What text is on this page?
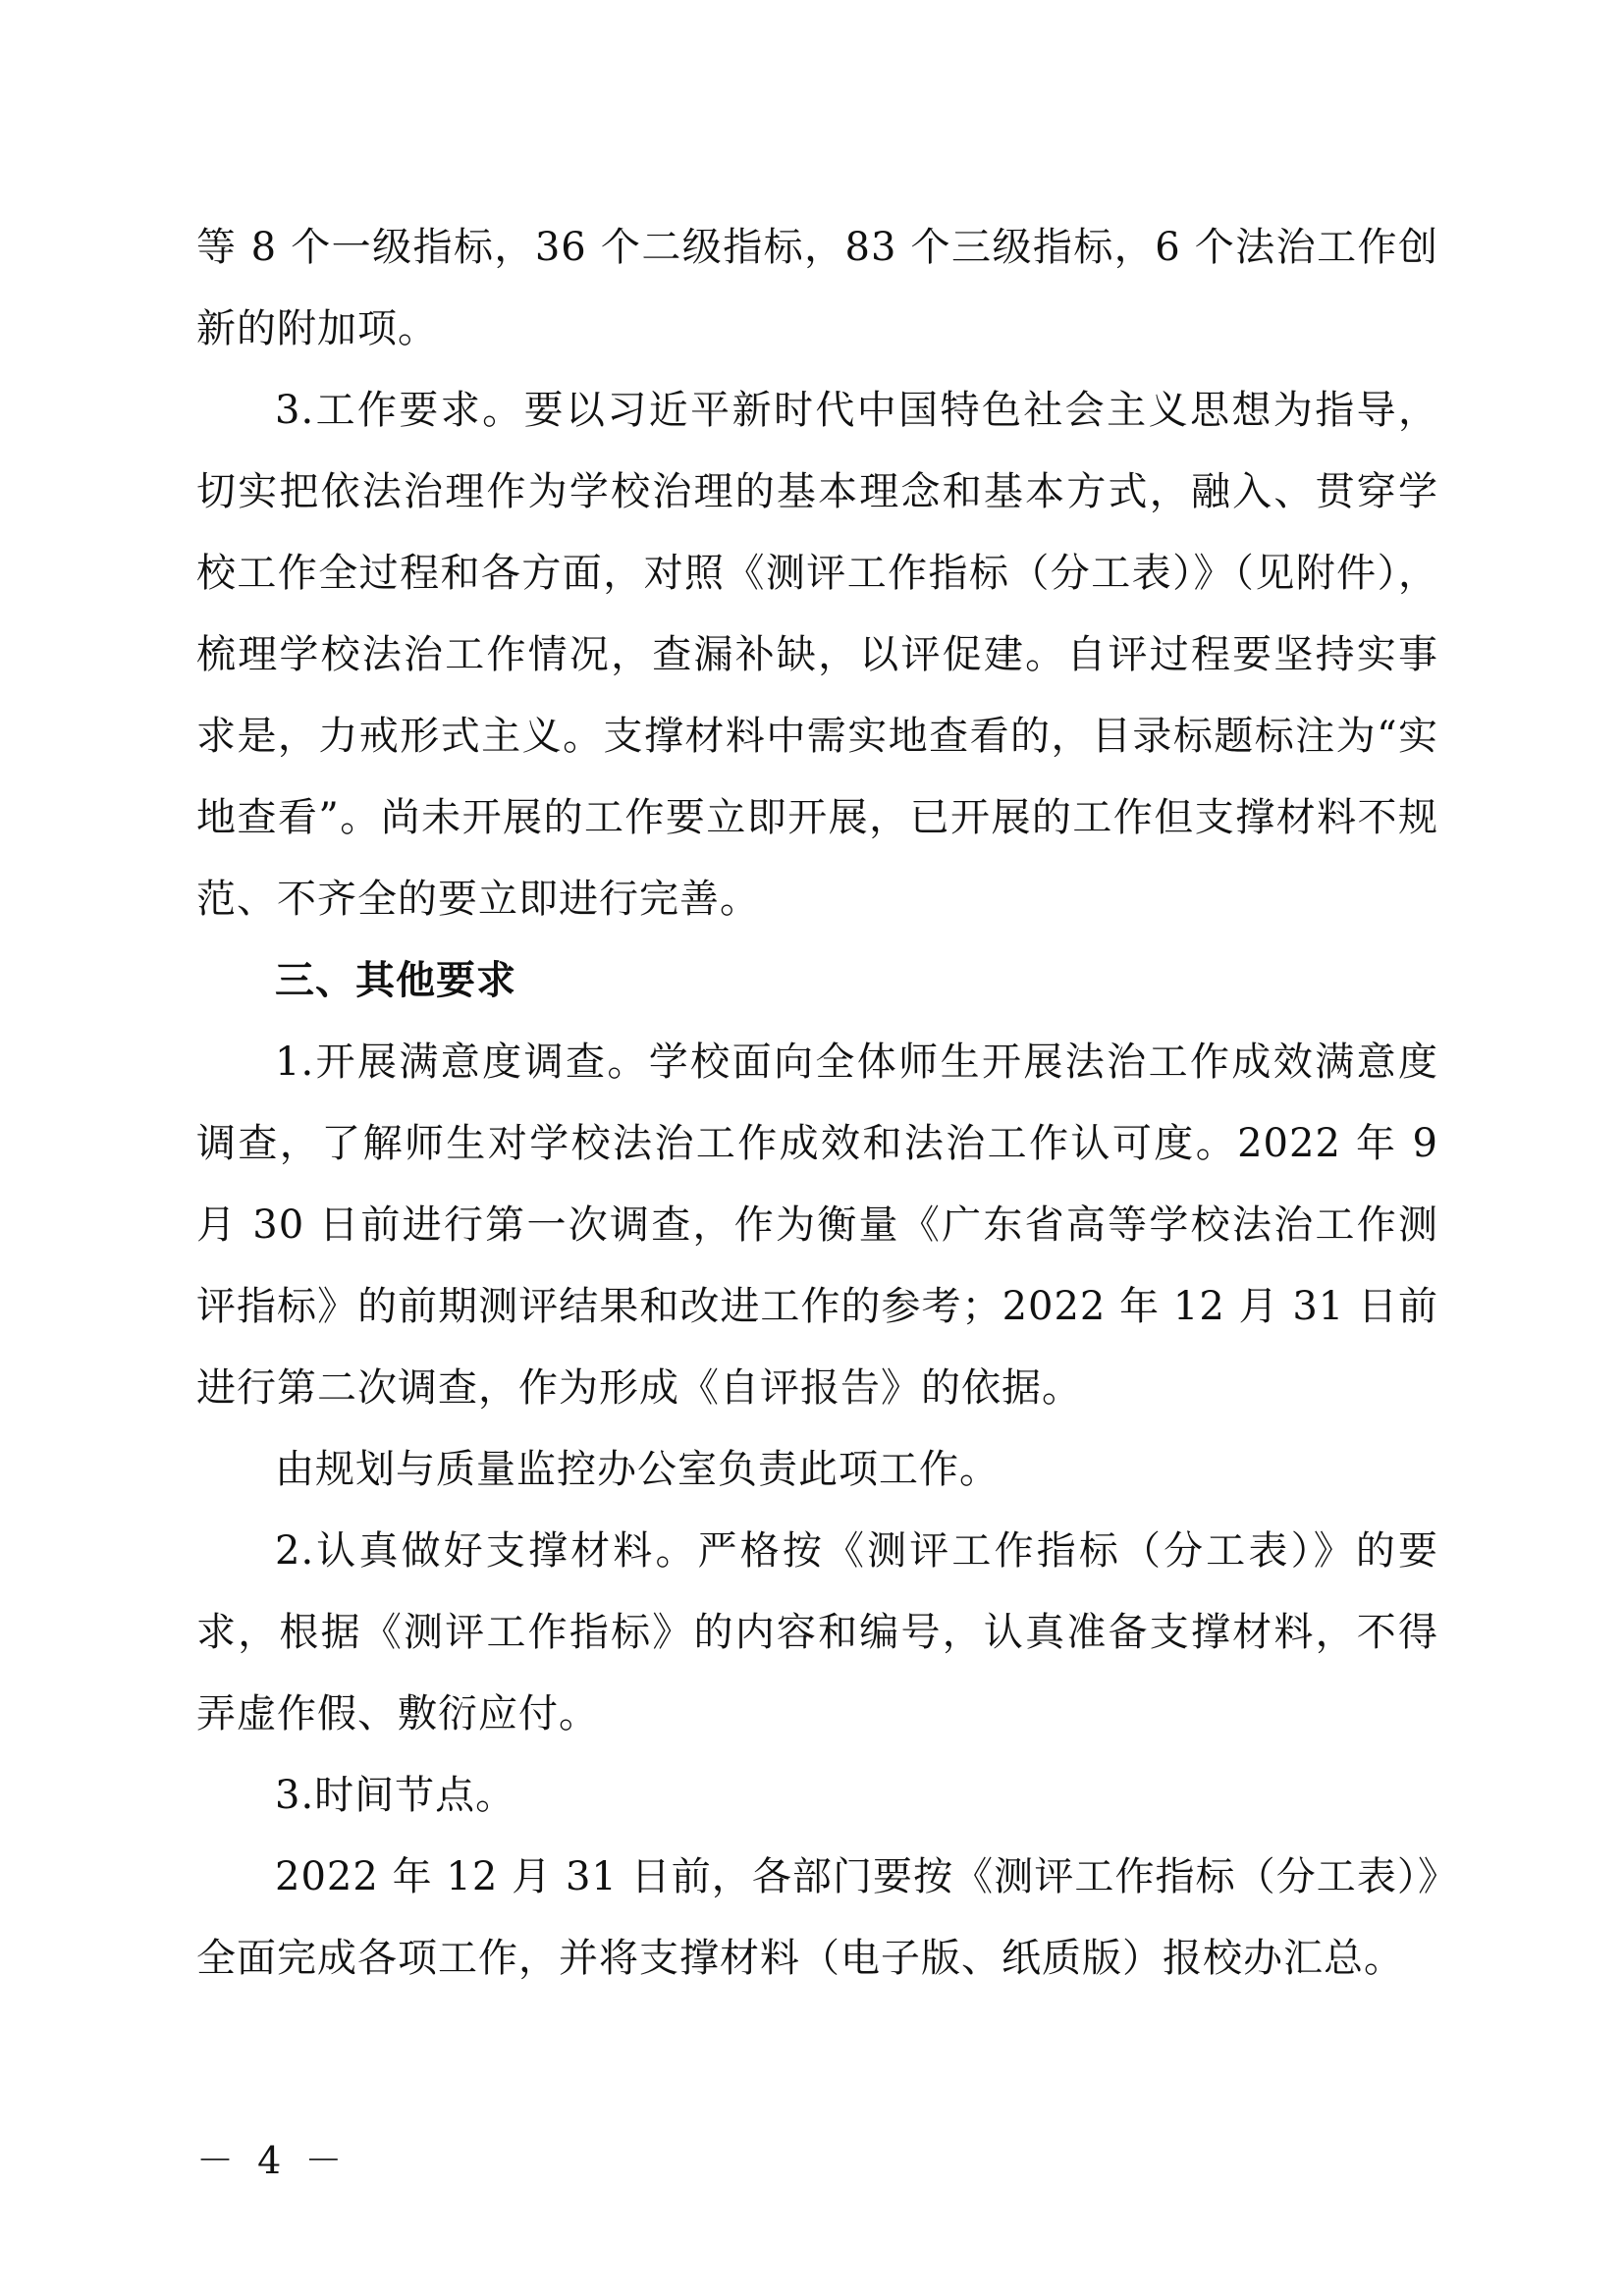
等 8 个一级指标，36 个二级指标，83 个三级指标，6 个法治工作创新的附加项。

3.工作要求。要以习近平新时代中国特色社会主义思想为指导，切实把依法治理作为学校治理的基本理念和基本方式，融入、贯穿学校工作全过程和各方面，对照《测评工作指标（分工表）》（见附件），梳理学校法治工作情况，查漏补缺，以评促建。自评过程要坚持实事求是，力戒形式主义。支撑材料中需实地查看的，目录标题标注为“实地查看”。尚未开展的工作要立即开展，已开展的工作但支撑材料不规范、不齐全的要立即进行完善。

三、其他要求

1.开展满意度调查。学校面向全体师生开展法治工作成效满意度调查，了解师生对学校法治工作成效和法治工作认可度。2022 年 9 月 30 日前进行第一次调查，作为衡量《广东省高等学校法治工作测评指标》的前期测评结果和改进工作的参考；2022 年 12 月 31 日前进行第二次调查，作为形成《自评报告》的依据。

由规划与质量监控办公室负责此项工作。

2.认真做好支撑材料。严格按《测评工作指标（分工表）》的要求，根据《测评工作指标》的内容和编号，认真准备支撑材料，不得弄虚作假、敷衍应付。

3.时间节点。

2022 年 12 月 31 日前，各部门要按《测评工作指标（分工表）》全面完成各项工作，并将支撑材料（电子版、纸质版）报校办汇总。

－ 4 －
